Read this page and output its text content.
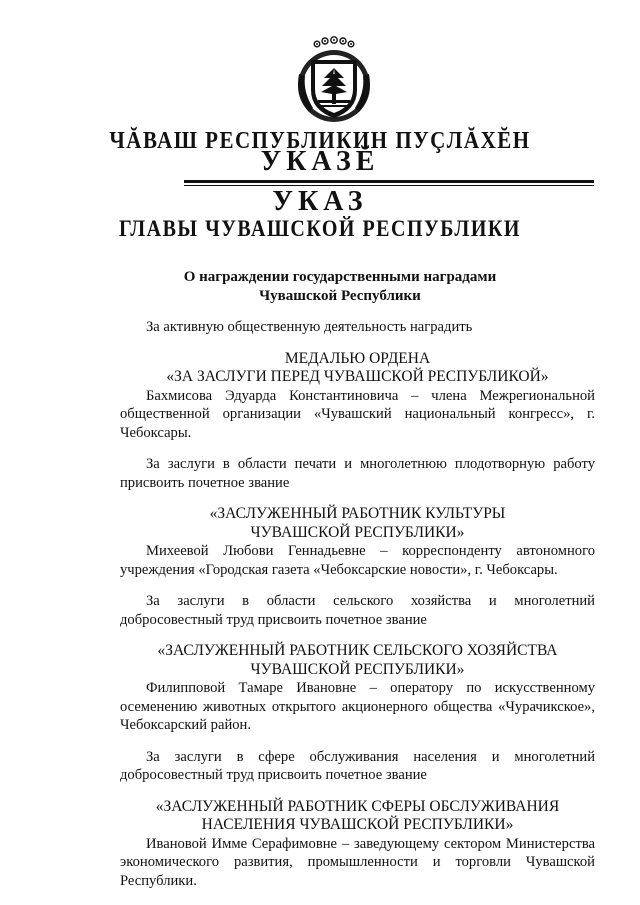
ЧĂВАШ РЕСПУБЛИКИН ПУÇЛĂХĔН
УКАЗĔ
УКАЗ
ГЛАВЫ ЧУВАШСКОЙ РЕСПУБЛИКИ
О награждении государственными наградами
Чувашской Республики

За активную общественную деятельность наградить

МЕДАЛЬЮ ОРДЕНА

«ЗА ЗАСЛУГИ ПЕРЕД ЧУВАШСКОЙ РЕСПУБЛИКОЙ»

Бахмисова Эдуарда Константиновича – члена Межрегиональной общественной организации «Чувашский национальный конгресс», г. Чебоксары.

За заслуги в области печати и многолетнюю плодотворную работу присвоить почетное звание

«ЗАСЛУЖЕННЫЙ РАБОТНИК КУЛЬТУРЫ

ЧУВАШСКОЙ РЕСПУБЛИКИ»

Михеевой Любови Геннадьевне – корреспонденту автономного учреждения «Городская газета «Чебоксарские новости», г. Чебоксары.

За заслуги в области сельского хозяйства и многолетний добросовестный труд присвоить почетное звание

«ЗАСЛУЖЕННЫЙ РАБОТНИК СЕЛЬСКОГО ХОЗЯЙСТВА

ЧУВАШСКОЙ РЕСПУБЛИКИ»

Филипповой Тамаре Ивановне – оператору по искусственному осеменению животных открытого акционерного общества «Чурачикское», Чебоксарский район.

За заслуги в сфере обслуживания населения и многолетний добросовестный труд присвоить почетное звание

«ЗАСЛУЖЕННЫЙ РАБОТНИК СФЕРЫ ОБСЛУЖИВАНИЯ

НАСЕЛЕНИЯ ЧУВАШСКОЙ РЕСПУБЛИКИ»

Ивановой Имме Серафимовне – заведующему сектором Министерства экономического развития, промышленности и торговли Чувашской Республики.
